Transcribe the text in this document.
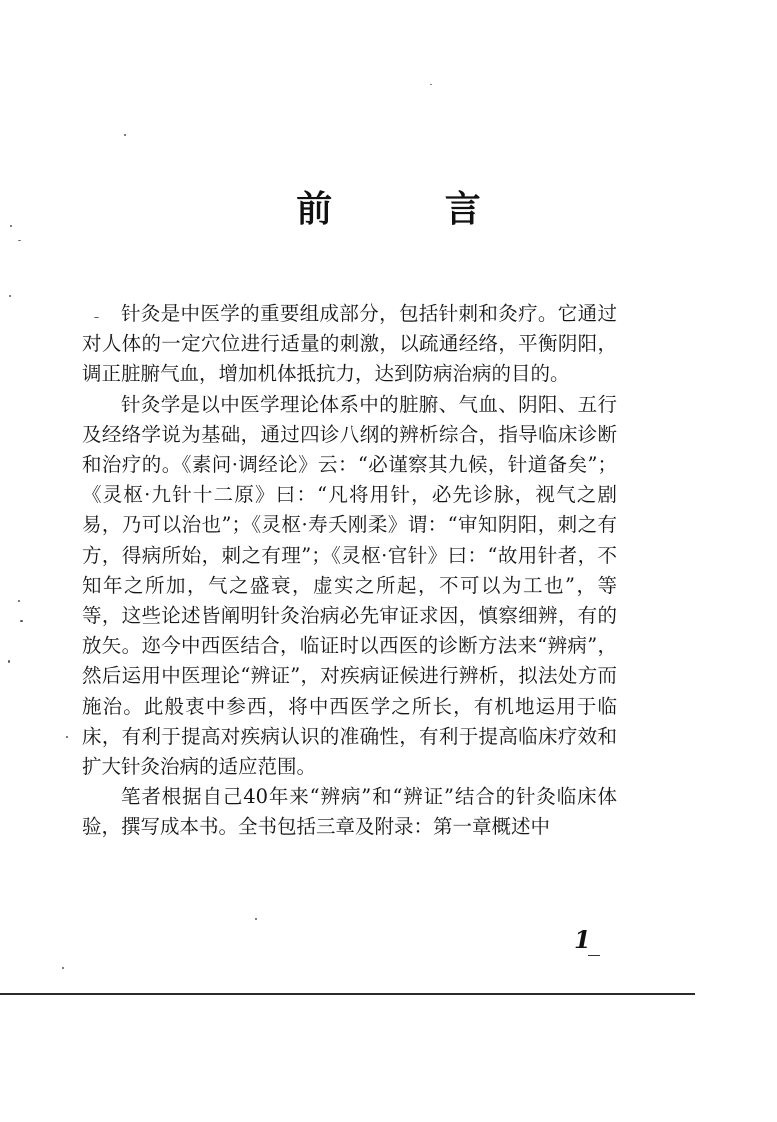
前 言

针灸是中医学的重要组成部分，包括针刺和灸疗。它通过对人体的一定穴位进行适量的刺激，以疏通经络，平衡阴阳，调正脏腑气血，增加机体抵抗力，达到防病治病的目的。

针灸学是以中医学理论体系中的脏腑、气血、阴阳、五行及经络学说为基础，通过四诊八纲的辨析综合，指导临床诊断和治疗的。《素问·调经论》云：“必谨察其九候，针道备矣”；《灵枢·九针十二原》曰：“凡将用针，必先诊脉，视气之剧易，乃可以治也”；《灵枢·寿夭刚柔》谓：“审知阴阳，刺之有方，得病所始，刺之有理”；《灵枢·官针》曰：“故用针者，不知年之所加，气之盛衰，虚实之所起，不可以为工也”，等等，这些论述皆阐明针灸治病必先审证求因，慎察细辨，有的放矢。迩今中西医结合，临证时以西医的诊断方法来“辨病”，然后运用中医理论“辨证”，对疾病证候进行辨析，拟法处方而施治。此般衷中参西，将中西医学之所长，有机地运用于临床，有利于提高对疾病认识的准确性，有利于提高临床疗效和扩大针灸治病的适应范围。

笔者根据自己40年来“辨病”和“辨证”结合的针灸临床体验，撰写成本书。全书包括三章及附录：第一章概述中

1
